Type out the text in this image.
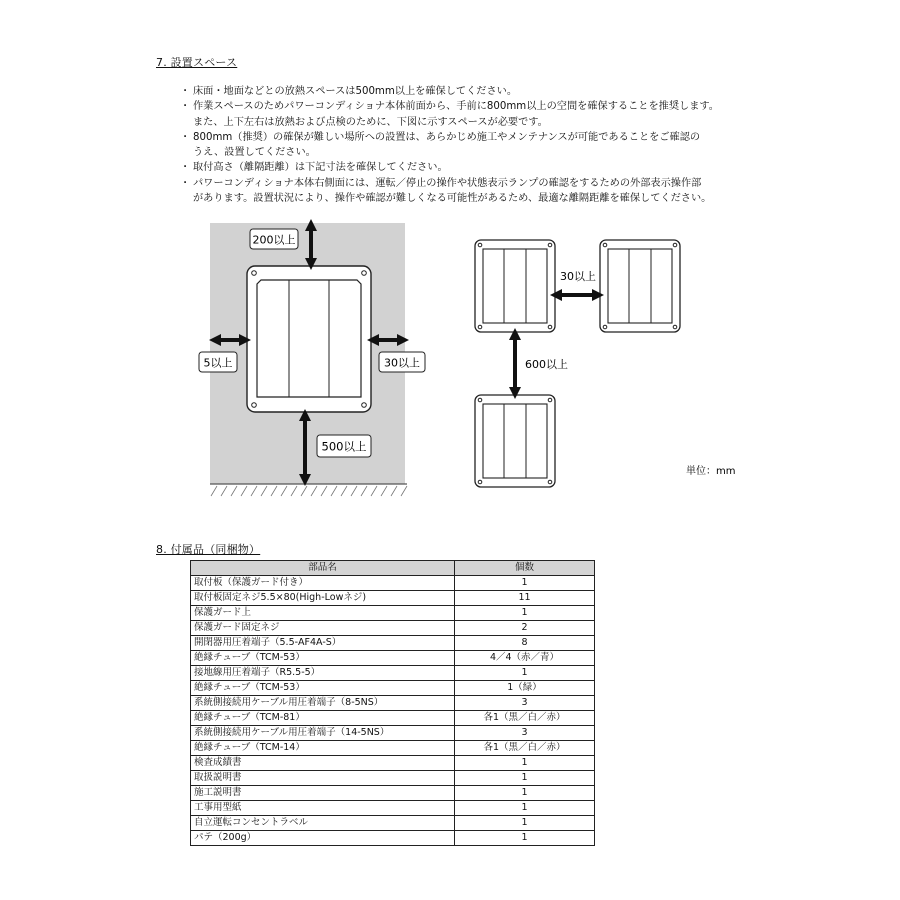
7. 設置スペース
・ 床面・地面などとの放熱スペースは500mm以上を確保してください。
・ 作業スペースのためパワーコンディショナ本体前面から、手前に800mm以上の空間を確保することを推奨します。
また、上下左右は放熱および点検のために、下図に示すスペースが必要です。
・ 800mm（推奨）の確保が難しい場所への設置は、あらかじめ施工やメンテナンスが可能であることをご確認の
うえ、設置してください。
・ 取付高さ（離隔距離）は下記寸法を確保してください。
・ パワーコンディショナ本体右側面には、運転／停止の操作や状態表示ランプの確認をするための外部表示操作部
があります。設置状況により、操作や確認が難しくなる可能性があるため、最適な離隔距離を確保してください。
200以上
5以上	30以上
500以上
30以上
600以上
単位：mm
8. 付属品（同梱物）
部品名	個数
取付板（保護ガード付き）	1
取付板固定ネジ5.5×80(High-Lowネジ)	11
保護ガード上	1
保護ガード固定ネジ	2
開閉器用圧着端子（5.5-AF4A-S）	8
絶縁チューブ（TCM-53）	4／4（赤／青）
接地線用圧着端子（R5.5-5）	1
絶縁チューブ（TCM-53）	1（緑）
系統側接続用ケーブル用圧着端子（8-5NS）	3
絶縁チューブ（TCM-81）	各1（黒／白／赤）
系統側接続用ケーブル用圧着端子（14-5NS）	3
絶縁チューブ（TCM-14）	各1（黒／白／赤）
検査成績書	1
取扱説明書	1
施工説明書	1
工事用型紙	1
自立運転コンセントラベル	1
パテ（200g）	1
